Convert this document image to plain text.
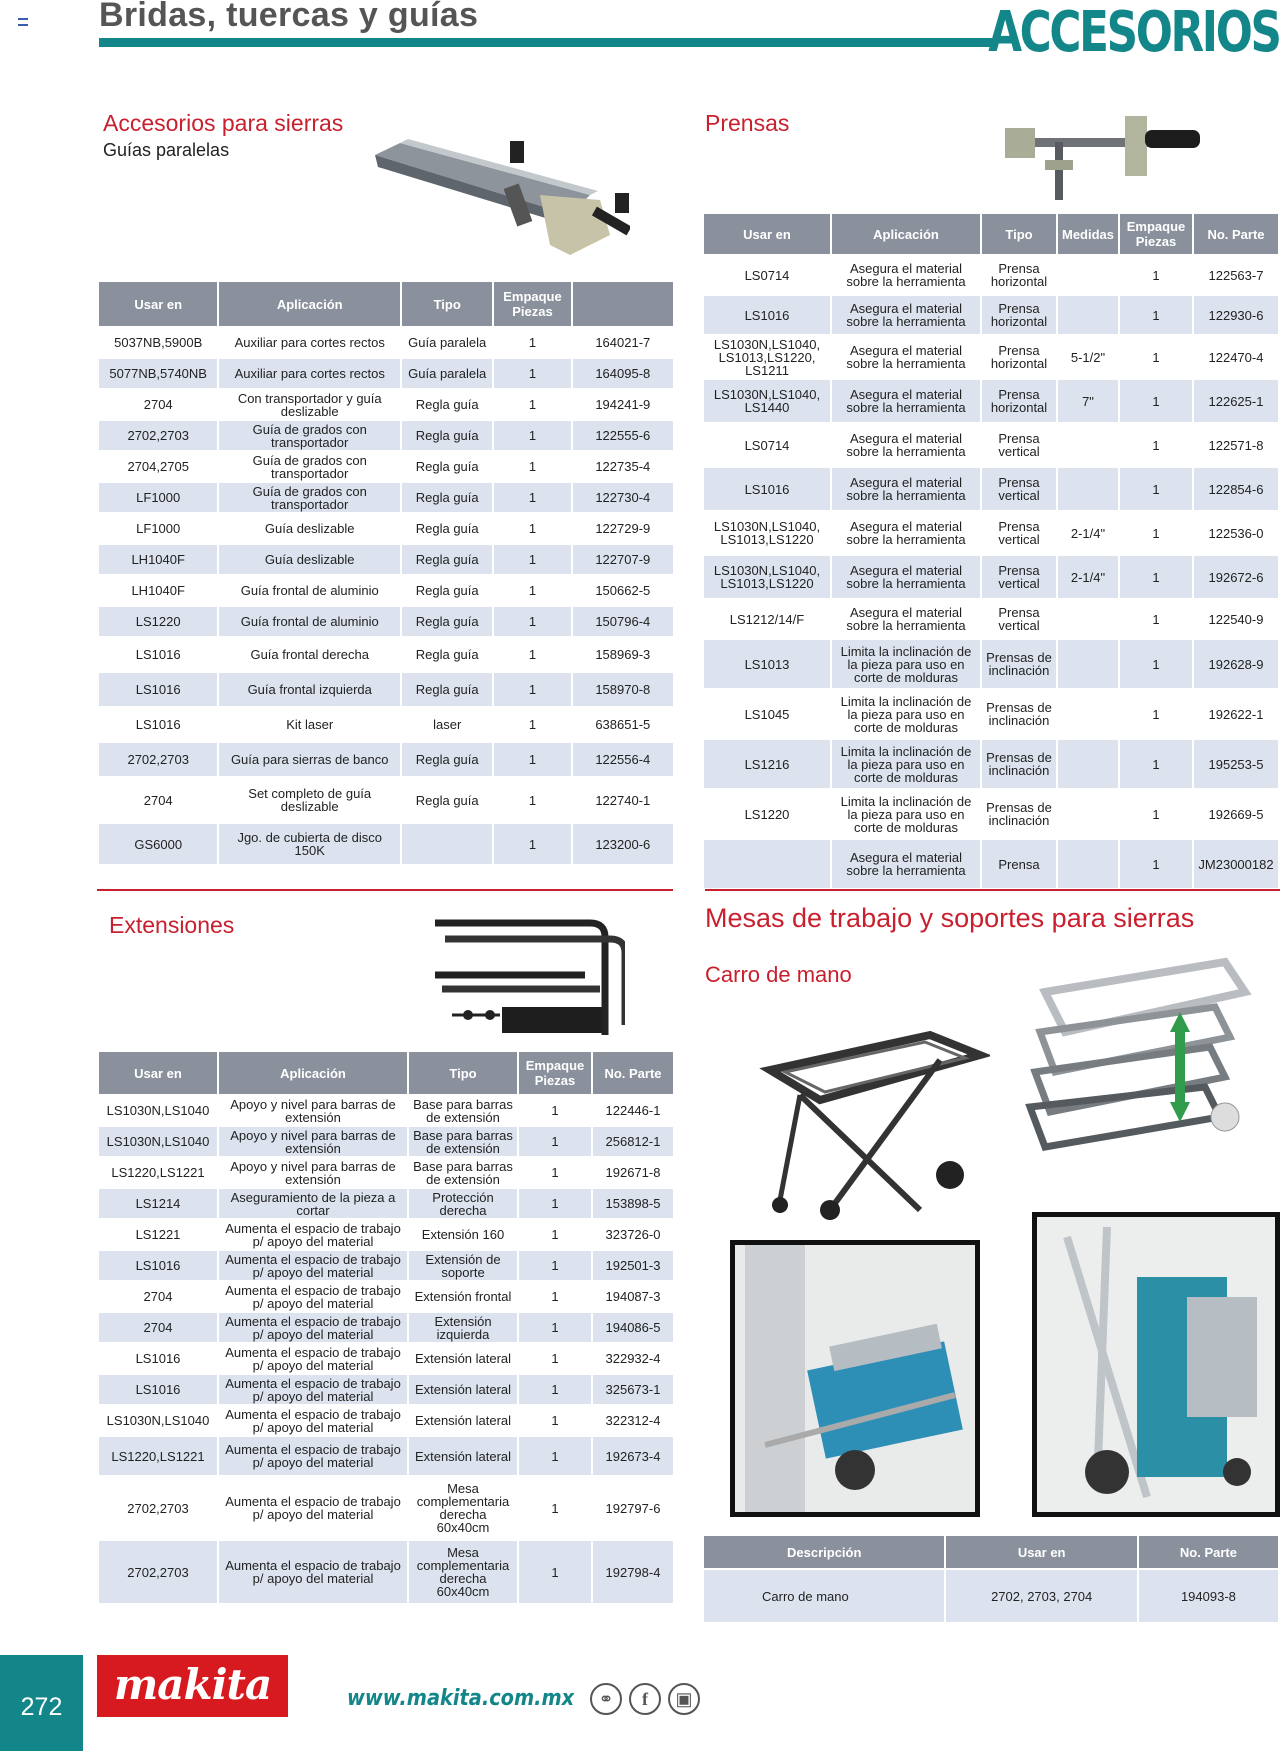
Bridas, tuercas y guías	ACCESORIOS
Accesorios para sierras
Guías paralelas
Usar en	Aplicación	Tipo	Empaque Piezas	
5037NB,5900B	Auxiliar para cortes rectos	Guía paralela	1	164021-7
5077NB,5740NB	Auxiliar para cortes rectos	Guía paralela	1	164095-8
2704	Con transportador y guía deslizable	Regla guía	1	194241-9
2702,2703	Guía de grados con transportador	Regla guía	1	122555-6
2704,2705	Guía de grados con transportador	Regla guía	1	122735-4
LF1000	Guía de grados con transportador	Regla guía	1	122730-4
LF1000	Guía deslizable	Regla guía	1	122729-9
LH1040F	Guía deslizable	Regla guía	1	122707-9
LH1040F	Guía frontal de aluminio	Regla guía	1	150662-5
LS1220	Guía frontal de aluminio	Regla guía	1	150796-4
LS1016	Guía frontal derecha	Regla guía	1	158969-3
LS1016	Guía frontal izquierda	Regla guía	1	158970-8
LS1016	Kit laser	laser	1	638651-5
2702,2703	Guía para sierras de banco	Regla guía	1	122556-4
2704	Set completo de guía deslizable	Regla guía	1	122740-1
GS6000	Jgo. de cubierta de disco 150K		1	123200-6
Prensas
Usar en	Aplicación	Tipo	Medidas	Empaque Piezas	No. Parte
LS0714	Asegura el material sobre la herramienta	Prensa horizontal		1	122563-7
LS1016	Asegura el material sobre la herramienta	Prensa horizontal		1	122930-6
LS1030N,LS1040, LS1013,LS1220, LS1211	Asegura el material sobre la herramienta	Prensa horizontal	5-1/2"	1	122470-4
LS1030N,LS1040, LS1440	Asegura el material sobre la herramienta	Prensa horizontal	7"	1	122625-1
LS0714	Asegura el material sobre la herramienta	Prensa vertical		1	122571-8
LS1016	Asegura el material sobre la herramienta	Prensa vertical		1	122854-6
LS1030N,LS1040, LS1013,LS1220	Asegura el material sobre la herramienta	Prensa vertical	2-1/4"	1	122536-0
LS1030N,LS1040, LS1013,LS1220	Asegura el material sobre la herramienta	Prensa vertical	2-1/4"	1	192672-6
LS1212/14/F	Asegura el material sobre la herramienta	Prensa vertical		1	122540-9
LS1013	Limita la inclinación de la pieza para uso en corte de molduras	Prensas de inclinación		1	192628-9
LS1045	Limita la inclinación de la pieza para uso en corte de molduras	Prensas de inclinación		1	192622-1
LS1216	Limita la inclinación de la pieza para uso en corte de molduras	Prensas de inclinación		1	195253-5
LS1220	Limita la inclinación de la pieza para uso en corte de molduras	Prensas de inclinación		1	192669-5
	Asegura el material sobre la herramienta	Prensa		1	JM23000182
Extensiones
Usar en	Aplicación	Tipo	Empaque Piezas	No. Parte
LS1030N,LS1040	Apoyo y nivel para barras de extensión	Base para barras de extensión	1	122446-1
LS1030N,LS1040	Apoyo y nivel para barras de extensión	Base para barras de extensión	1	256812-1
LS1220,LS1221	Apoyo y nivel para barras de extensión	Base para barras de extensión	1	192671-8
LS1214	Aseguramiento de la pieza a cortar	Protección derecha	1	153898-5
LS1221	Aumenta el espacio de trabajo p/ apoyo del material	Extensión 160	1	323726-0
LS1016	Aumenta el espacio de trabajo p/ apoyo del material	Extensión de soporte	1	192501-3
2704	Aumenta el espacio de trabajo p/ apoyo del material	Extensión frontal	1	194087-3
2704	Aumenta el espacio de trabajo p/ apoyo del material	Extensión izquierda	1	194086-5
LS1016	Aumenta el espacio de trabajo p/ apoyo del material	Extensión lateral	1	322932-4
LS1016	Aumenta el espacio de trabajo p/ apoyo del material	Extensión lateral	1	325673-1
LS1030N,LS1040	Aumenta el espacio de trabajo p/ apoyo del material	Extensión lateral	1	322312-4
LS1220,LS1221	Aumenta el espacio de trabajo p/ apoyo del material	Extensión lateral	1	192673-4
2702,2703	Aumenta el espacio de trabajo p/ apoyo del material	Mesa complementaria derecha 60x40cm	1	192797-6
2702,2703	Aumenta el espacio de trabajo p/ apoyo del material	Mesa complementaria derecha 60x40cm	1	192798-4
Mesas de trabajo y soportes para sierras
Carro de mano
Descripción	Usar en	No. Parte
Carro de mano	2702, 2703, 2704	194093-8
272	makita	www.makita.com.mx	⚭	f	▣
